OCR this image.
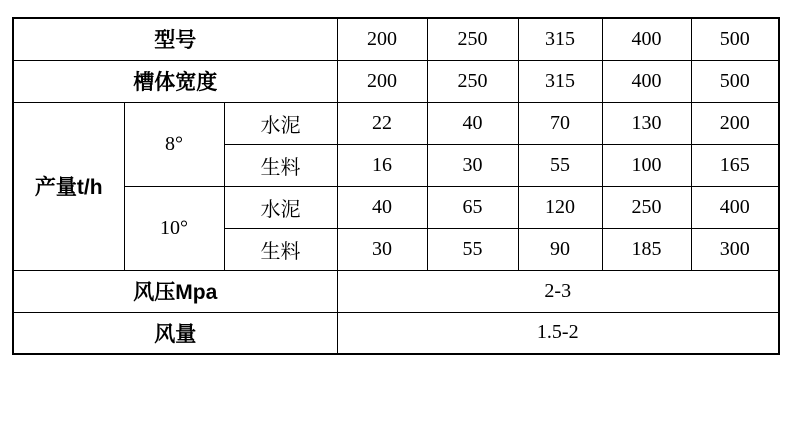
型号			200	250	315	400	500
槽体宽度			200	250	315	400	500
产量t/h	8°	水泥	22	40	70	130	200
		生料	16	30	55	100	165
	10°	水泥	40	65	120	250	400
		生料	30	55	90	185	300
风压Mpa			2-3				
风量			1.5-2				
